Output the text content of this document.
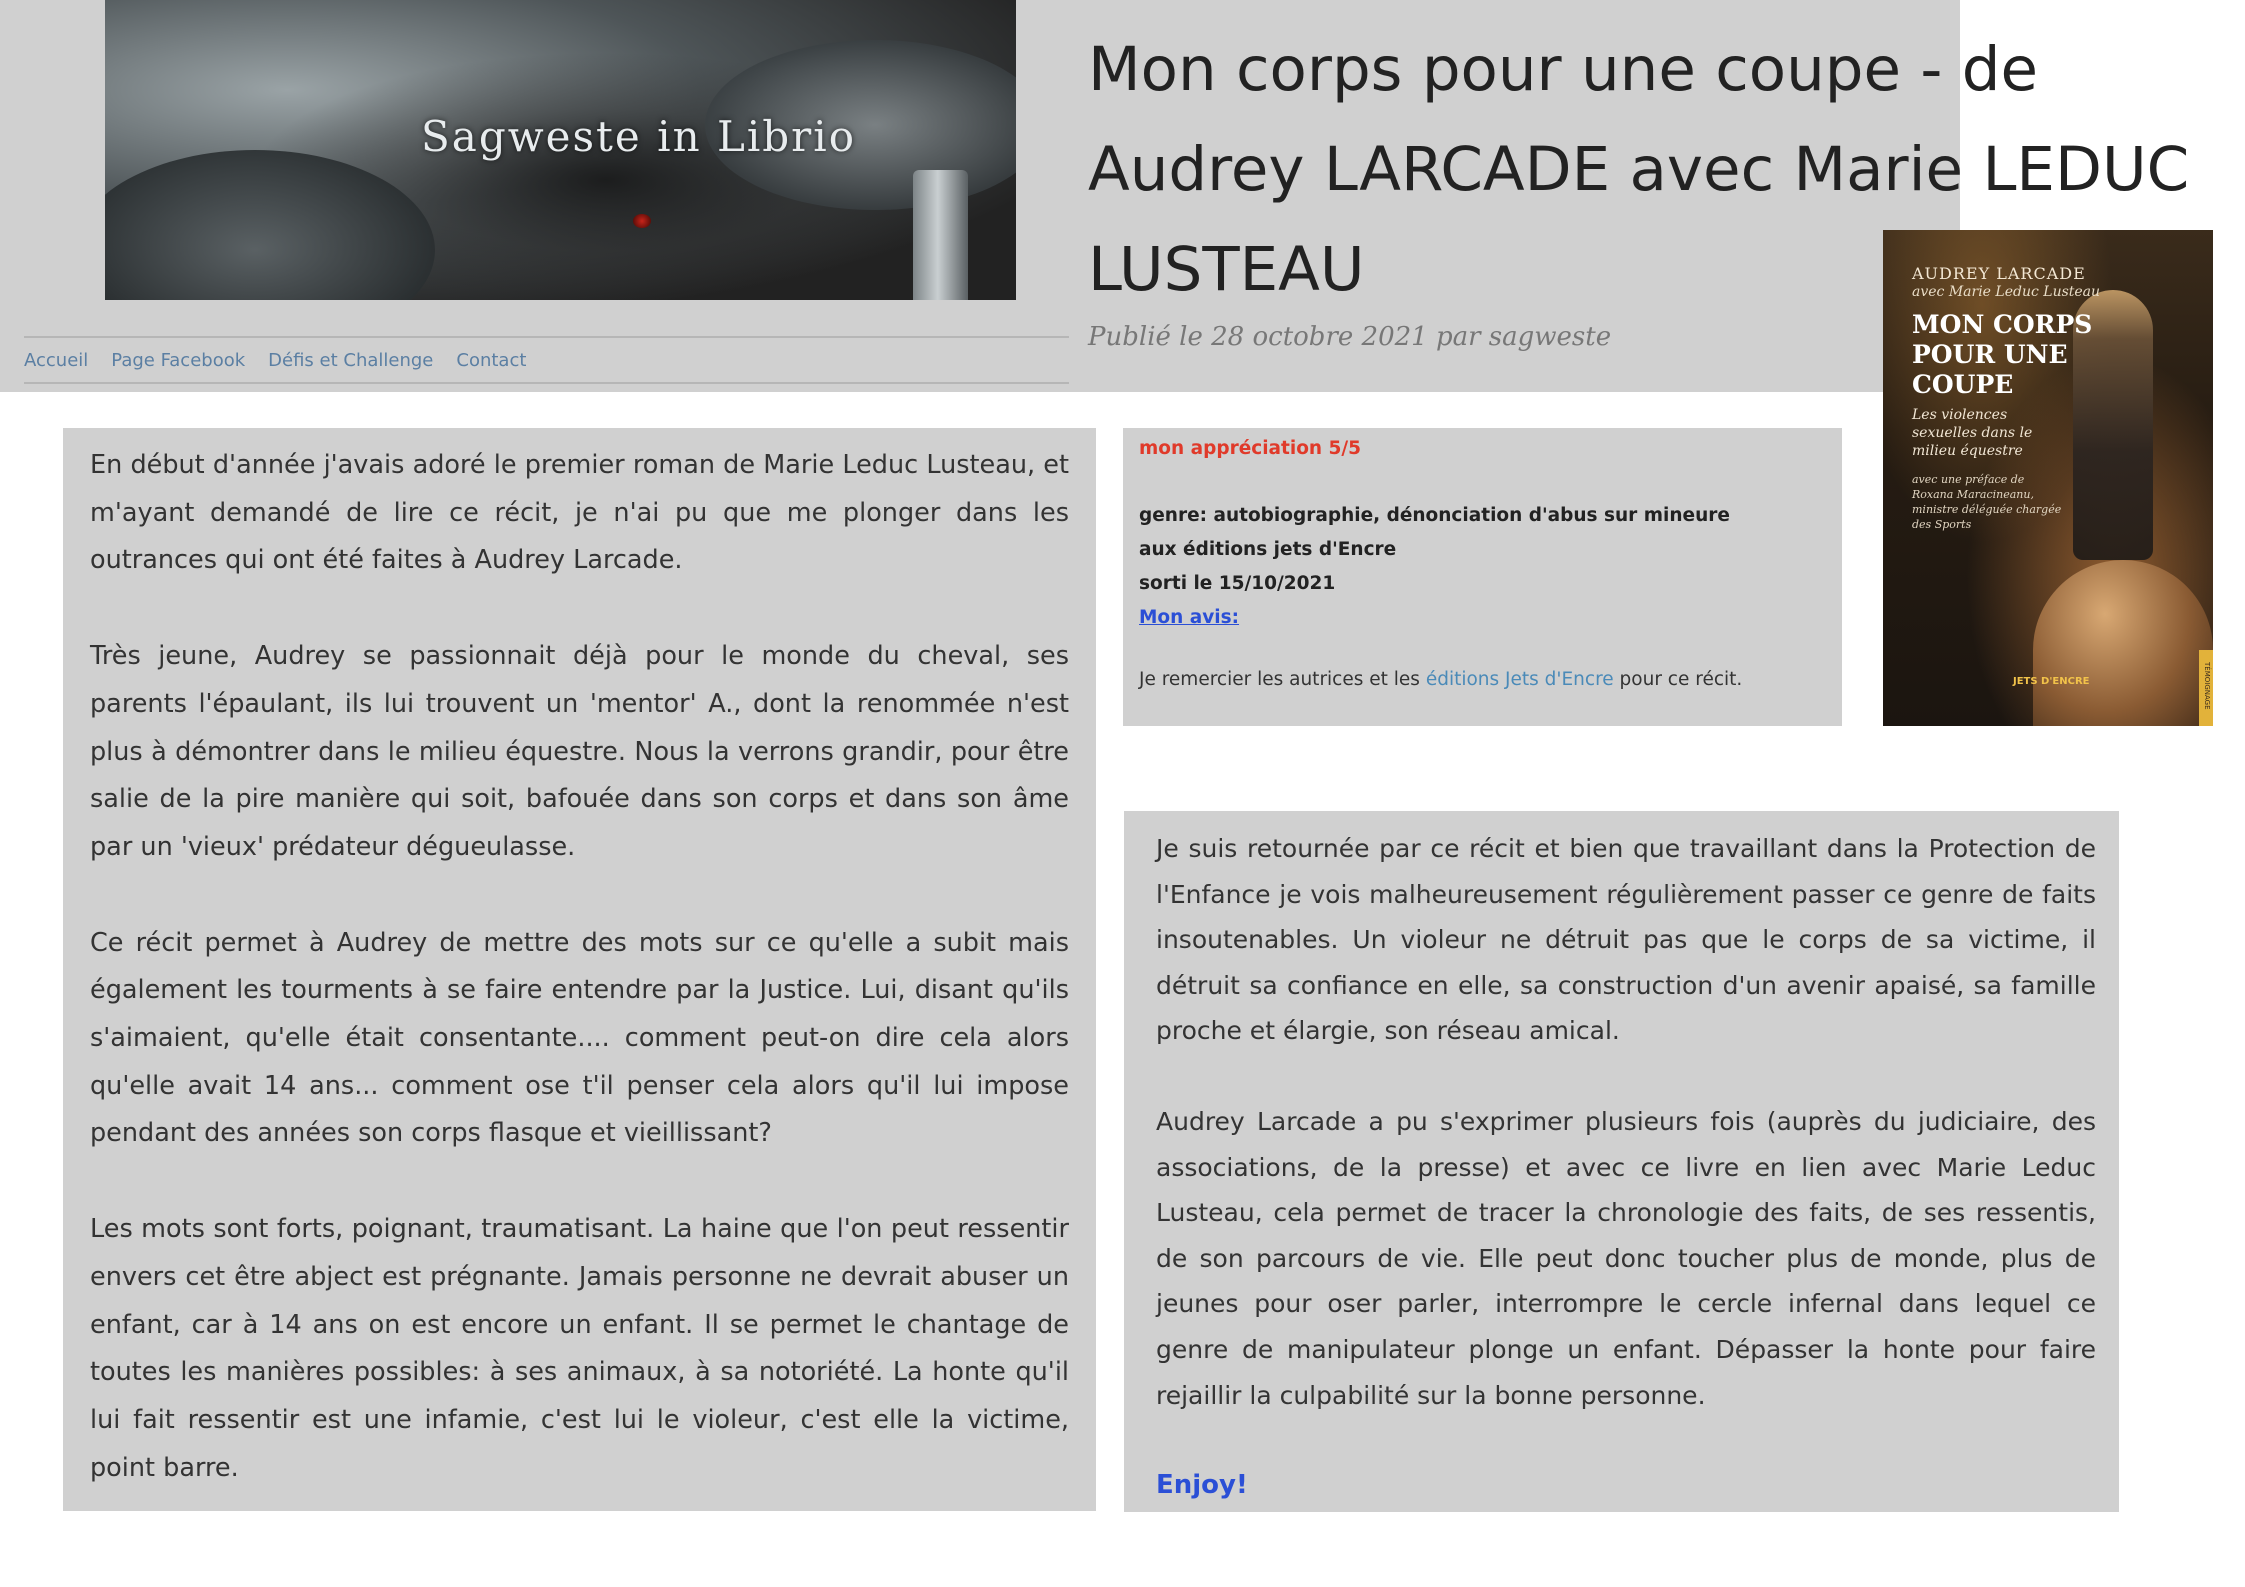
Sagweste in Librio
Accueil Page Facebook Défis et Challenge Contact
Mon corps pour une coupe - de Audrey LARCADE avec Marie LEDUC LUSTEAU
Publié le 28 octobre 2021 par sagweste
AUDREY LARCADE
avec Marie Leduc Lusteau
MON CORPS POUR UNE COUPE
Les violences sexuelles dans le milieu équestre
avec une préface de Roxana Maracineanu, ministre déléguée chargée des Sports
JETS D'ENCRE	TÉMOIGNAGE

En début d'année j'avais adoré le premier roman de Marie Leduc Lusteau, et m'ayant demandé de lire ce récit, je n'ai pu que me plonger dans les outrances qui ont été faites à Audrey Larcade.

Très jeune, Audrey se passionnait déjà pour le monde du cheval, ses parents l'épaulant, ils lui trouvent un 'mentor' A., dont la renommée n'est plus à démontrer dans le milieu équestre. Nous la verrons grandir, pour être salie de la pire manière qui soit, bafouée dans son corps et dans son âme par un 'vieux' prédateur dégueulasse.

Ce récit permet à Audrey de mettre des mots sur ce qu'elle a subit mais également les tourments à se faire entendre par la Justice. Lui, disant qu'ils s'aimaient, qu'elle était consentante.... comment peut-on dire cela alors qu'elle avait 14 ans... comment ose t'il penser cela alors qu'il lui impose pendant des années son corps flasque et vieillissant?

Les mots sont forts, poignant, traumatisant. La haine que l'on peut ressentir envers cet être abject est prégnante. Jamais personne ne devrait abuser un enfant, car à 14 ans on est encore un enfant. Il se permet le chantage de toutes les manières possibles: à ses animaux, à sa notoriété. La honte qu'il lui fait ressentir est une infamie, c'est lui le violeur, c'est elle la victime, point barre.

mon appréciation 5/5

genre: autobiographie, dénonciation d'abus sur mineure

aux éditions jets d'Encre

sorti le 15/10/2021

Mon avis:

Je remercier les autrices et les éditions Jets d'Encre pour ce récit.

Je suis retournée par ce récit et bien que travaillant dans la Protection de l'Enfance je vois malheureusement régulièrement passer ce genre de faits insoutenables. Un violeur ne détruit pas que le corps de sa victime, il détruit sa confiance en elle, sa construction d'un avenir apaisé, sa famille proche et élargie, son réseau amical.

Audrey Larcade a pu s'exprimer plusieurs fois (auprès du judiciaire, des associations, de la presse) et avec ce livre en lien avec Marie Leduc Lusteau, cela permet de tracer la chronologie des faits, de ses ressentis, de son parcours de vie. Elle peut donc toucher plus de monde, plus de jeunes pour oser parler, interrompre le cercle infernal dans lequel ce genre de manipulateur plonge un enfant. Dépasser la honte pour faire rejaillir la culpabilité sur la bonne personne.

Enjoy!
